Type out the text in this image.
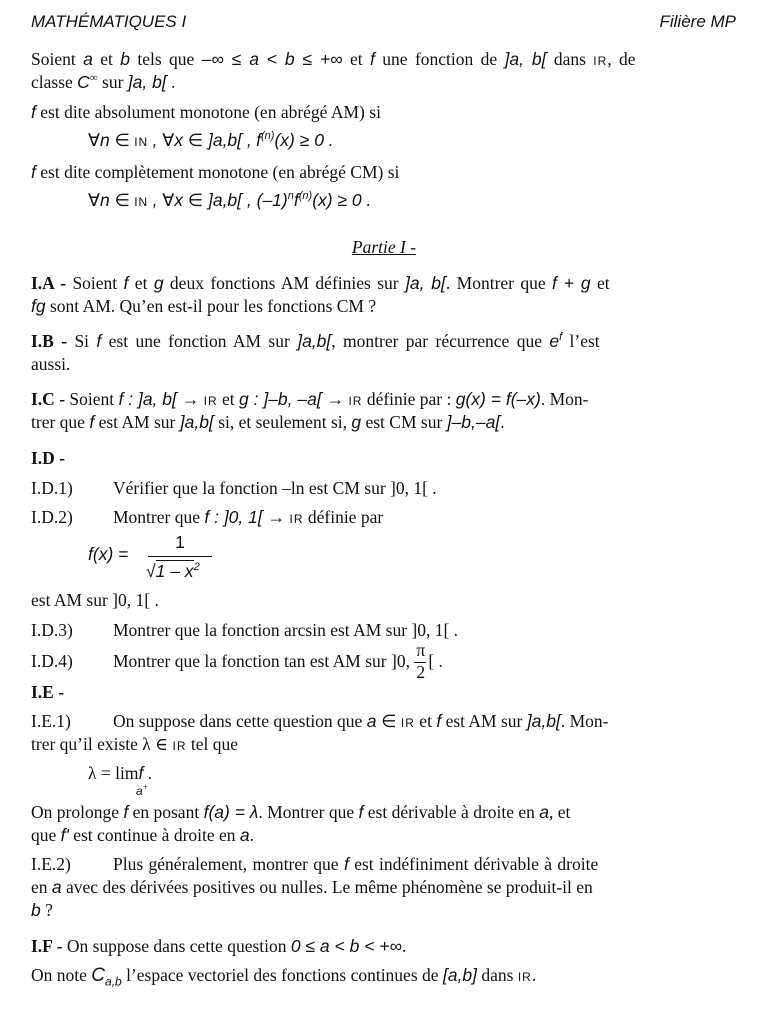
MATHÉMATIQUES I	Filière MP
Soient a et b tels que –∞ ≤ a < b ≤ +∞ et f une fonction de ]a, b[ dans IR, de
classe C∞ sur ]a, b[ .
f est dite absolument monotone (en abrégé AM) si
∀n ∈ IN , ∀x ∈ ]a,b[ , $f^{(n)}(x) \ge 0$ .
f est dite complètement monotone (en abrégé CM) si
∀n ∈ IN , ∀x ∈ ]a,b[ , $(-1)^nf^{(n)}(x) \ge 0$ .
Partie I -
I.A - Soient f et g deux fonctions AM définies sur ]a, b[. Montrer que f + g et
fg sont AM. Qu’en est-il pour les fonctions CM ?
I.B - Si f est une fonction AM sur ]a,b[, montrer par récurrence que $e^f$ l’est
aussi.
I.C - Soient f : ]a, b[ → IR et g : ]–b, –a[ → IR définie par : g(x) = f(–x). Mon-
trer que f est AM sur ]a,b[ si, et seulement si, g est CM sur ]–b,–a[.
I.D -
I.D.1) Vérifier que la fonction –ln est CM sur ]0, 1[ .
I.D.2) Montrer que f : ]0, 1[ → IR définie par
f(x) =
1
$√1 - x^2$
est AM sur ]0, 1[ .
I.D.3) Montrer que la fonction arcsin est AM sur ]0, 1[ .
I.D.4) Montrer que la fonction tan est AM sur ]0, $\frac{\pi}{2}$ [ .
I.E -
I.E.1) On suppose dans cette question que a ∈ IR et f est AM sur ]a,b[. Mon-
trer qu’il existe λ ∈ IR tel que
λ = limf .
a+
On prolonge f en posant f(a) = λ. Montrer que f est dérivable à droite en a, et
que f' est continue à droite en a.
I.E.2) Plus généralement, montrer que f est indéfiniment dérivable à droite
en a avec des dérivées positives ou nulles. Le même phénomène se produit-il en
b ?
I.F - On suppose dans cette question 0 ≤ a < b < +∞.
On note $C_{a,b}$ l’espace vectoriel des fonctions continues de [a,b] dans IR.
